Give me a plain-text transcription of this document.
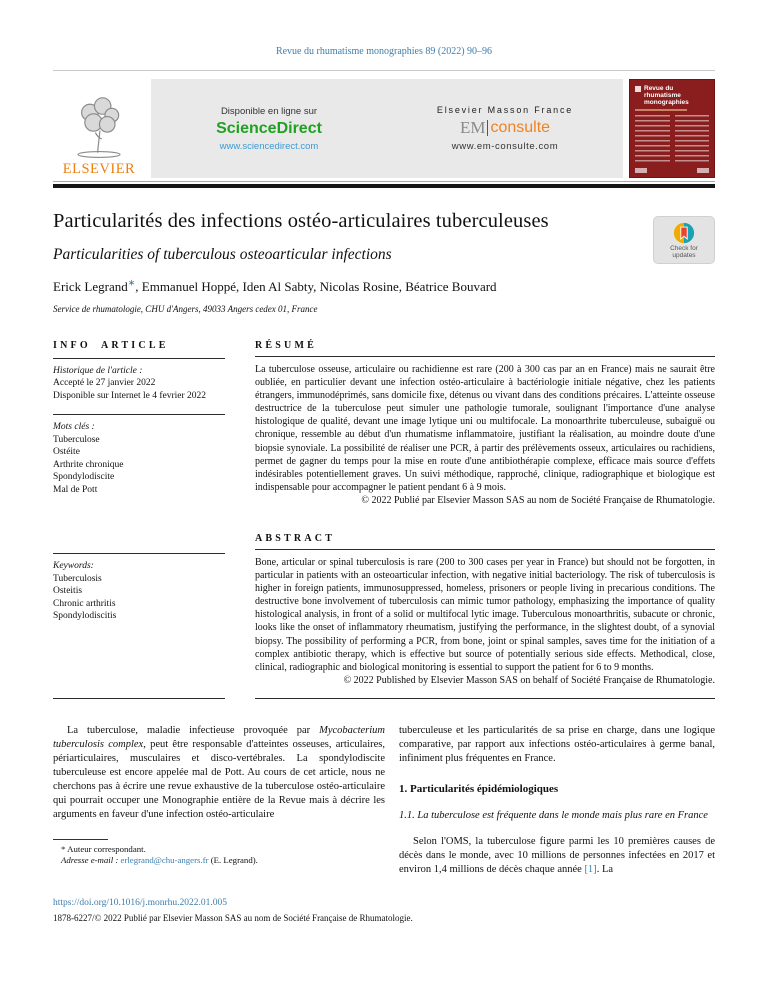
Revue du rhumatisme monographies 89 (2022) 90–96
ELSEVIER
Disponible en ligne sur
ScienceDirect
www.sciencedirect.com
Elsevier Masson France
EM consulte
www.em-consulte.com
Revue du rhumatisme monographies
Particularités des infections ostéo-articulaires tuberculeuses
Particularities of tuberculous osteoarticular infections
Erick Legrand∗, Emmanuel Hoppé, Iden Al Sabty, Nicolas Rosine, Béatrice Bouvard
Service de rhumatologie, CHU d'Angers, 49033 Angers cedex 01, France
Check for
updates
INFO ARTICLE
Historique de l'article :
Accepté le 27 janvier 2022
Disponible sur Internet le 4 fevrier 2022
Mots clés :
Tuberculose
Ostéite
Arthrite chronique
Spondylodiscite
Mal de Pott
Keywords:
Tuberculosis
Osteitis
Chronic arthritis
Spondylodiscitis
RÉSUMÉ

La tuberculose osseuse, articulaire ou rachidienne est rare (200 à 300 cas par an en France) mais ne saurait être oubliée, en particulier devant une infection ostéo-articulaire à bactériologie initiale négative, chez les patients étrangers, immunodéprimés, sans domicile fixe, détenus ou vivant dans des conditions précaires. L'atteinte osseuse destructrice de la tuberculose peut simuler une pathologie tumorale, soulignant l'importance d'une analyse histologique de qualité, devant une image lytique uni ou multifocale. La monoarthrite tuberculeuse, subaiguë ou chronique, ressemble au début d'un rhumatisme inflammatoire, justifiant la réalisation, au moindre doute d'une biopsie synoviale. La possibilité de réaliser une PCR, à partir des prélèvements osseux, articulaires ou rachidiens, permet de gagner du temps pour la mise en route d'une antibiothérapie complexe, efficace mais source d'effets indésirables potentiellement graves. Un suivi méthodique, rapproché, clinique, radiographique et biologique est indispensable pour accompagner le patient pendant 6 à 9 mois.

© 2022 Publié par Elsevier Masson SAS au nom de Société Française de Rhumatologie.
ABSTRACT

Bone, articular or spinal tuberculosis is rare (200 to 300 cases per year in France) but should not be forgotten, in particular in patients with an osteoarticular infection, with negative initial bacteriology. The risk of tuberculosis is higher in foreign patients, immunosuppressed, homeless, prisoners or people living in precarious conditions. The destructive bone involvement of tuberculosis can mimic tumor pathology, emphasizing the importance of quality histological analysis, in front of a solid or multifocal lytic image. Tuberculous monoarthritis, subacute or chronic, looks like the onset of inflammatory rheumatism, justifying the performance, in the slightest doubt, of a synovial biopsy. The possibility of performing a PCR, from bone, joint or spinal samples, saves time for the initiation of a complex antibiotic therapy, which is effective but source of potentially serious side effects. Methodical, close, clinical, radiographic and biological monitoring is essential to support the patient for 6 to 9 months.

© 2022 Published by Elsevier Masson SAS on behalf of Société Française de Rhumatologie.

La tuberculose, maladie infectieuse provoquée par Mycobacterium tuberculosis complex, peut être responsable d'atteintes osseuses, articulaires, périarticulaires, musculaires et disco-vertébrales. La spondylodiscite tuberculeuse est encore appelée mal de Pott. Au cours de cet article, nous ne cherchons pas à écrire une revue exhaustive de la tuberculose ostéo-articulaire qui pourrait occuper une Monographie entière de la Revue mais à décrire les arguments en faveur d'une infection ostéo-articulaire

* Auteur correspondant.
Adresse e-mail : erlegrand@chu-angers.fr (E. Legrand).

tuberculeuse et les particularités de sa prise en charge, dans une logique comparative, par rapport aux infections ostéo-articulaires à germe banal, infiniment plus fréquentes en France.

1. Particularités épidémiologiques
1.1. La tuberculose est fréquente dans le monde mais plus rare en France

Selon l'OMS, la tuberculose figure parmi les 10 premières causes de décès dans le monde, avec 10 millions de personnes infectées en 2017 et environ 1,4 millions de décès chaque année [1]. La

https://doi.org/10.1016/j.monrhu.2022.01.005
1878-6227/© 2022 Publié par Elsevier Masson SAS au nom de Société Française de Rhumatologie.
